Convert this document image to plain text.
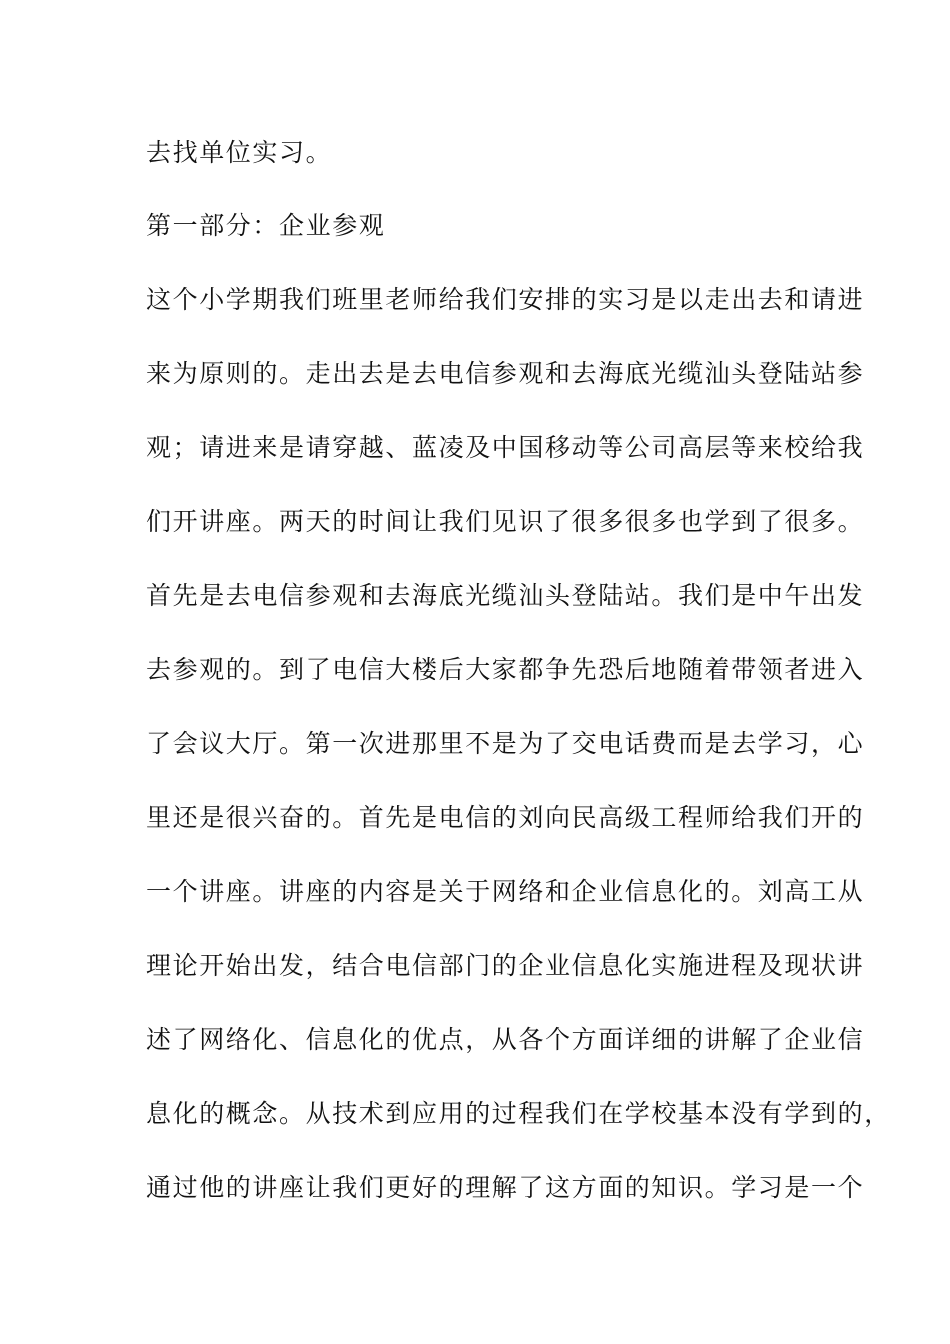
去找单位实习。
第一部分：企业参观
这个小学期我们班里老师给我们安排的实习是以走出去和请进
来为原则的。走出去是去电信参观和去海底光缆汕头登陆站参
观；请进来是请穿越、蓝凌及中国移动等公司高层等来校给我
们开讲座。两天的时间让我们见识了很多很多也学到了很多。
首先是去电信参观和去海底光缆汕头登陆站。我们是中午出发
去参观的。到了电信大楼后大家都争先恐后地随着带领者进入
了会议大厅。第一次进那里不是为了交电话费而是去学习，心
里还是很兴奋的。首先是电信的刘向民高级工程师给我们开的
一个讲座。讲座的内容是关于网络和企业信息化的。刘高工从
理论开始出发，结合电信部门的企业信息化实施进程及现状讲
述了网络化、信息化的优点，从各个方面详细的讲解了企业信
息化的概念。从技术到应用的过程我们在学校基本没有学到的，
通过他的讲座让我们更好的理解了这方面的知识。学习是一个
